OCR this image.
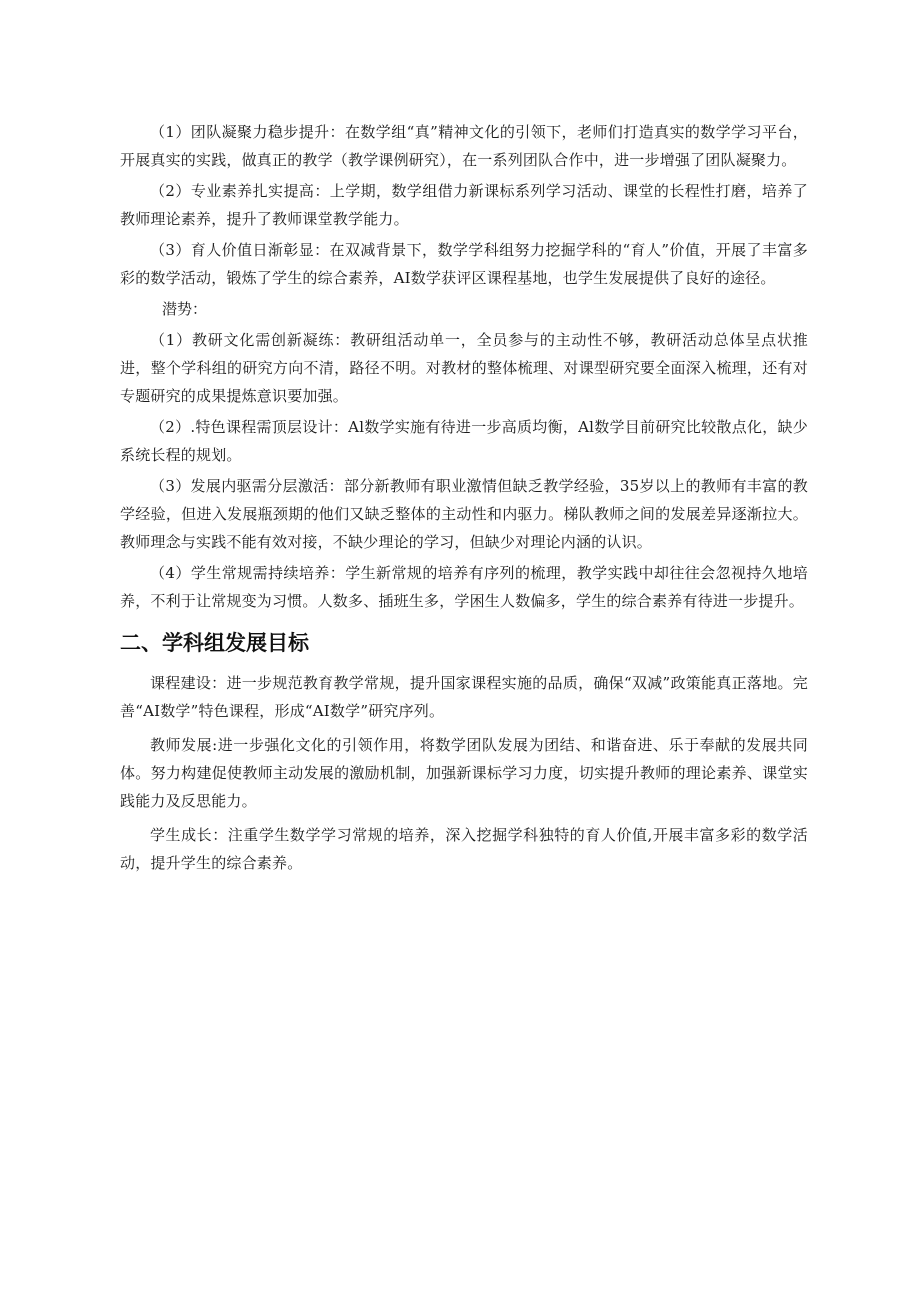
（1）团队凝聚力稳步提升：在数学组“真”精神文化的引领下，老师们打造真实的数学学习平台，开展真实的实践，做真正的教学（教学课例研究），在一系列团队合作中，进一步增强了团队凝聚力。

（2）专业素养扎实提高：上学期，数学组借力新课标系列学习活动、课堂的长程性打磨，培养了教师理论素养，提升了教师课堂教学能力。

（3）育人价值日渐彰显：在双减背景下，数学学科组努力挖掘学科的“育人”价值，开展了丰富多彩的数学活动，锻炼了学生的综合素养，AI数学获评区课程基地，也学生发展提供了良好的途径。

潜势：

（1）教研文化需创新凝练：教研组活动单一，全员参与的主动性不够，教研活动总体呈点状推进，整个学科组的研究方向不清，路径不明。对教材的整体梳理、对课型研究要全面深入梳理，还有对专题研究的成果提炼意识要加强。

（2）.特色课程需顶层设计：Al数学实施有待进一步高质均衡，Al数学目前研究比较散点化，缺少系统长程的规划。

（3）发展内驱需分层激活：部分新教师有职业激情但缺乏教学经验，35岁以上的教师有丰富的教学经验，但进入发展瓶颈期的他们又缺乏整体的主动性和内驱力。梯队教师之间的发展差异逐渐拉大。教师理念与实践不能有效对接，不缺少理论的学习，但缺少对理论内涵的认识。

（4）学生常规需持续培养：学生新常规的培养有序列的梳理，教学实践中却往往会忽视持久地培养，不利于让常规变为习惯。人数多、插班生多，学困生人数偏多，学生的综合素养有待进一步提升。

二、学科组发展目标

课程建设：进一步规范教育教学常规，提升国家课程实施的品质，确保“双减”政策能真正落地。完善“AI数学”特色课程，形成“AI数学”研究序列。

教师发展:进一步强化文化的引领作用，将数学团队发展为团结、和谐奋进、乐于奉献的发展共同体。努力构建促使教师主动发展的激励机制，加强新课标学习力度，切实提升教师的理论素养、课堂实践能力及反思能力。

学生成长：注重学生数学学习常规的培养，深入挖掘学科独特的育人价值,开展丰富多彩的数学活动，提升学生的综合素养。
